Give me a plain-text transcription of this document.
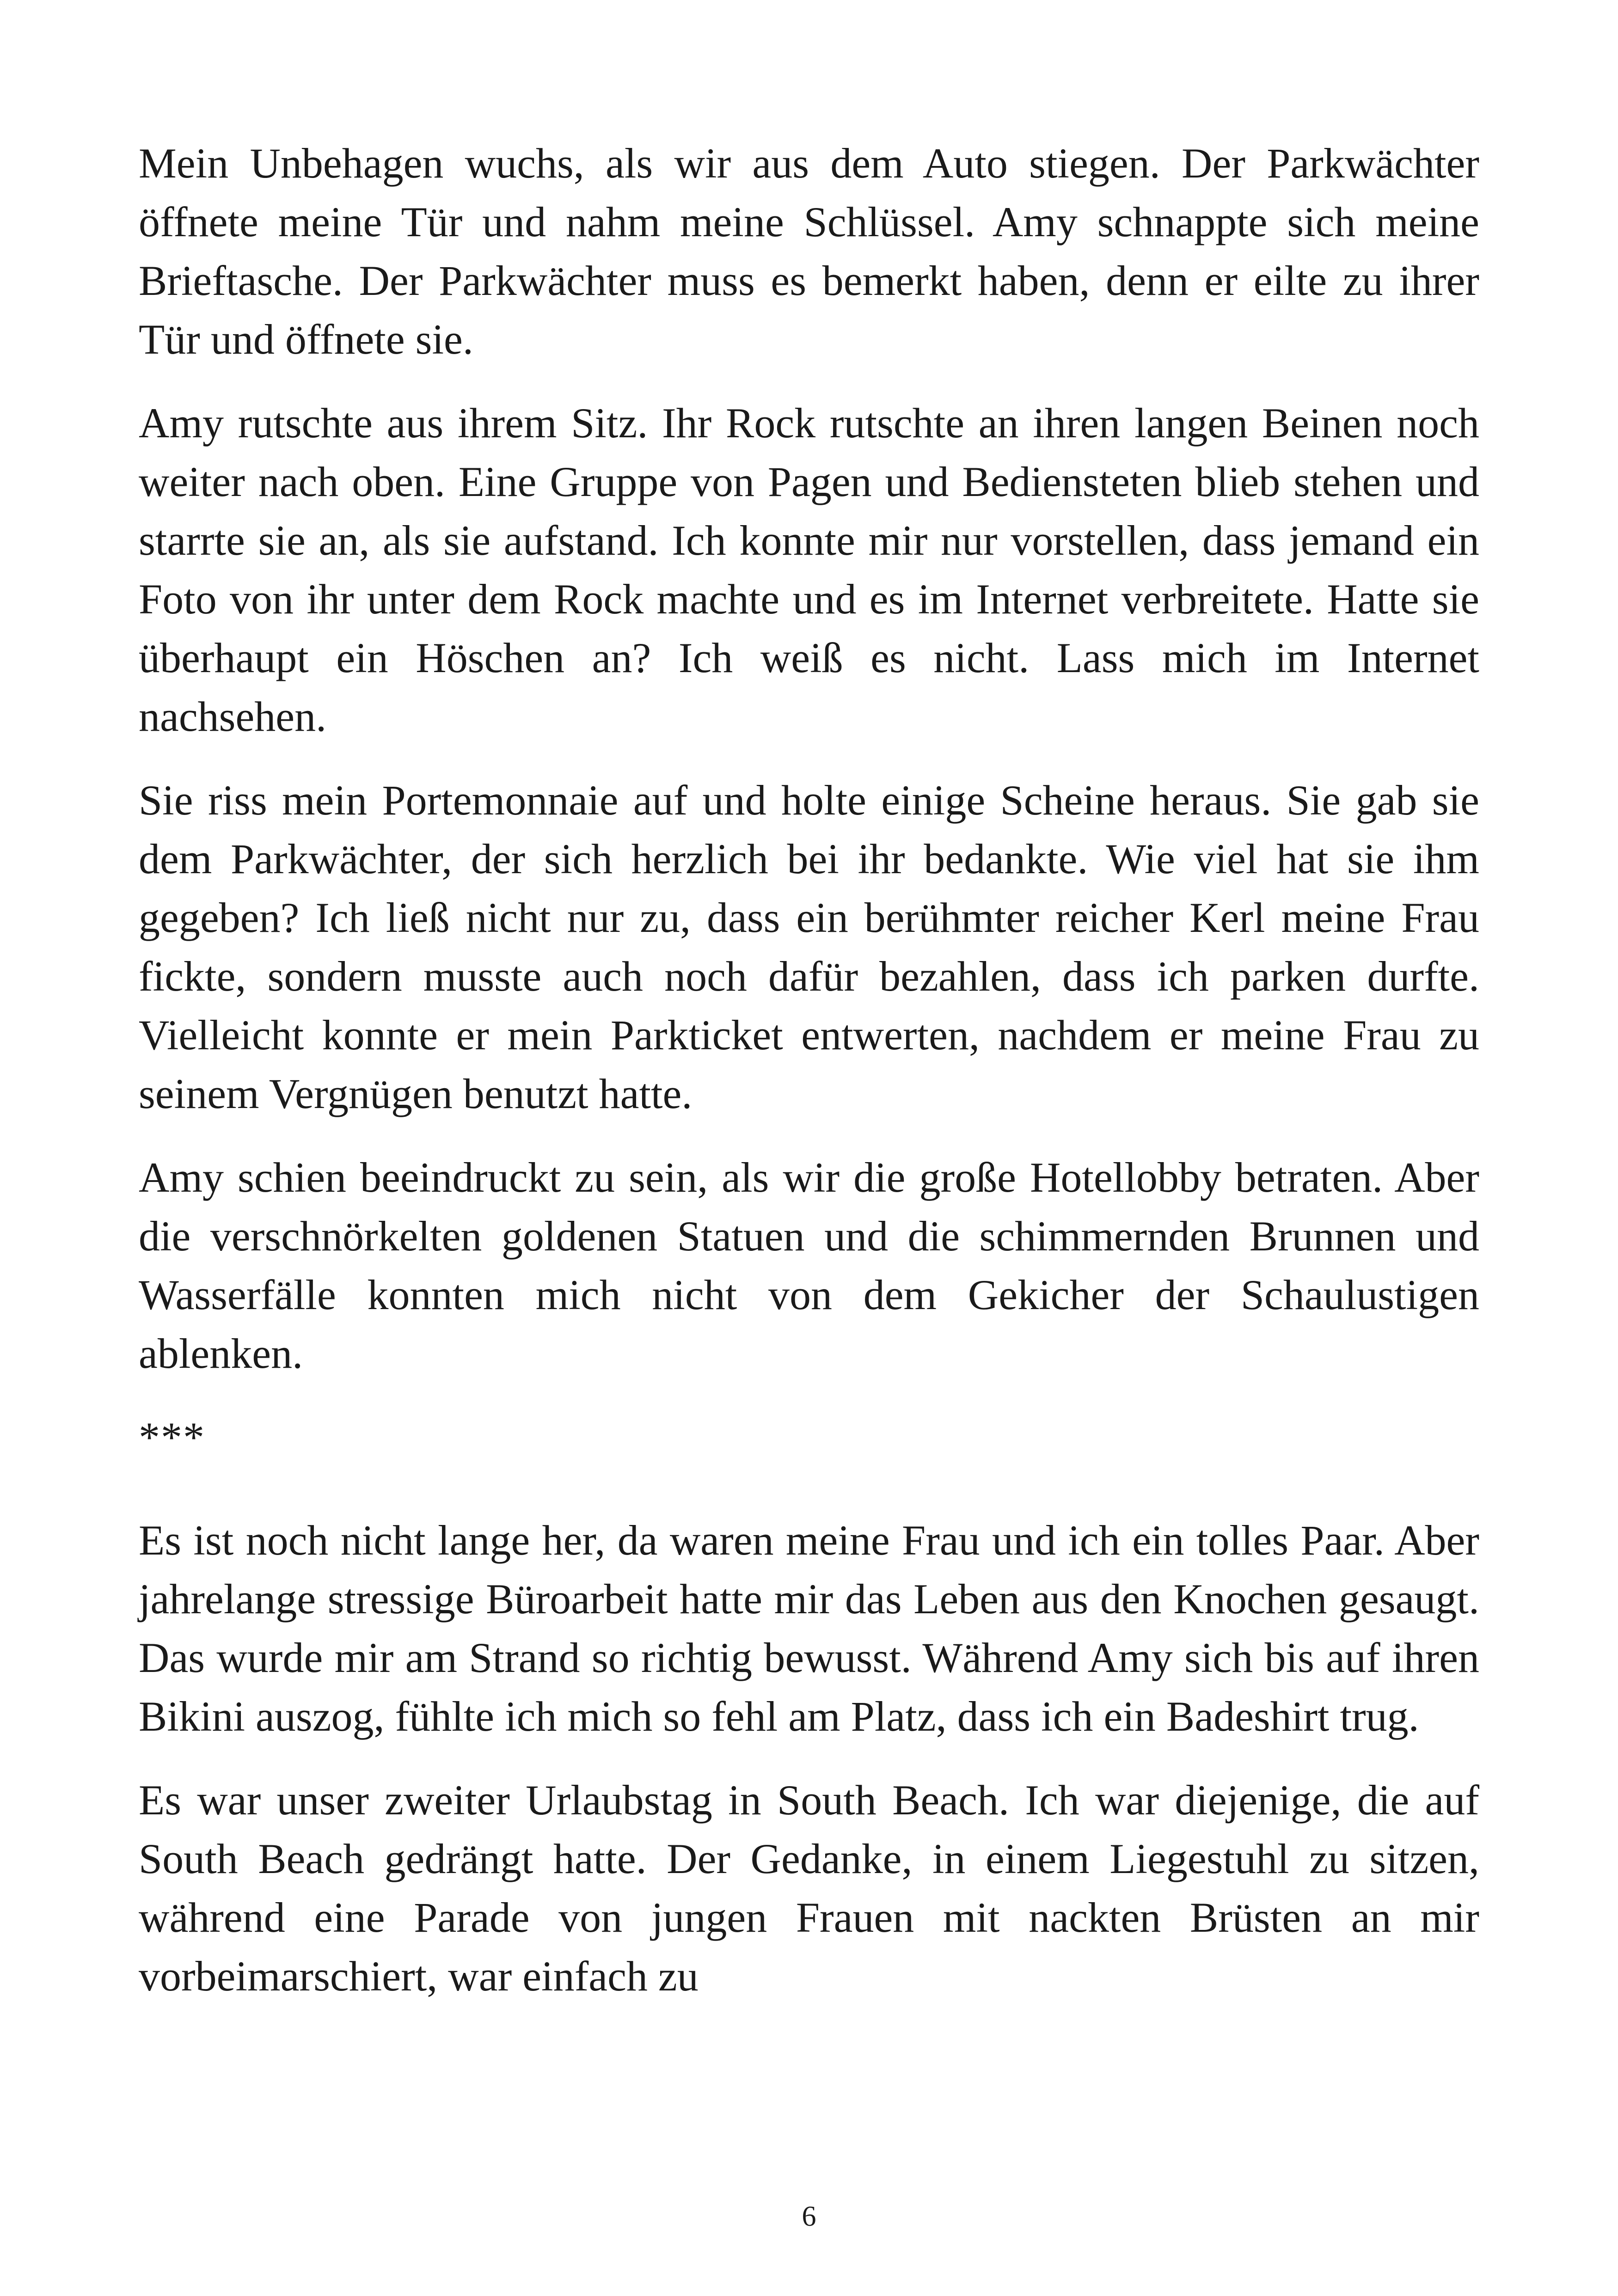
Mein Unbehagen wuchs, als wir aus dem Auto stiegen. Der Parkwächter öffnete meine Tür und nahm meine Schlüssel. Amy schnappte sich meine Brieftasche. Der Parkwächter muss es bemerkt haben, denn er eilte zu ihrer Tür und öffnete sie.

Amy rutschte aus ihrem Sitz. Ihr Rock rutschte an ihren langen Beinen noch weiter nach oben. Eine Gruppe von Pagen und Bediensteten blieb stehen und starrte sie an, als sie aufstand. Ich konnte mir nur vorstellen, dass jemand ein Foto von ihr unter dem Rock machte und es im Internet verbreitete. Hatte sie überhaupt ein Höschen an? Ich weiß es nicht. Lass mich im Internet nachsehen.

Sie riss mein Portemonnaie auf und holte einige Scheine heraus. Sie gab sie dem Parkwächter, der sich herzlich bei ihr bedankte. Wie viel hat sie ihm gegeben? Ich ließ nicht nur zu, dass ein berühmter reicher Kerl meine Frau fickte, sondern musste auch noch dafür bezahlen, dass ich parken durfte. Vielleicht konnte er mein Parkticket entwerten, nachdem er meine Frau zu seinem Vergnügen benutzt hatte.

Amy schien beeindruckt zu sein, als wir die große Hotellobby betraten. Aber die verschnörkelten goldenen Statuen und die schimmernden Brunnen und Wasserfälle konnten mich nicht von dem Gekicher der Schaulustigen ablenken.

***

Es ist noch nicht lange her, da waren meine Frau und ich ein tolles Paar. Aber jahrelange stressige Büroarbeit hatte mir das Leben aus den Knochen gesaugt. Das wurde mir am Strand so richtig bewusst. Während Amy sich bis auf ihren Bikini auszog, fühlte ich mich so fehl am Platz, dass ich ein Badeshirt trug.

Es war unser zweiter Urlaubstag in South Beach. Ich war diejenige, die auf South Beach gedrängt hatte. Der Gedanke, in einem Liegestuhl zu sitzen, während eine Parade von jungen Frauen mit nackten Brüsten an mir vorbeimarschiert, war einfach zu

6
